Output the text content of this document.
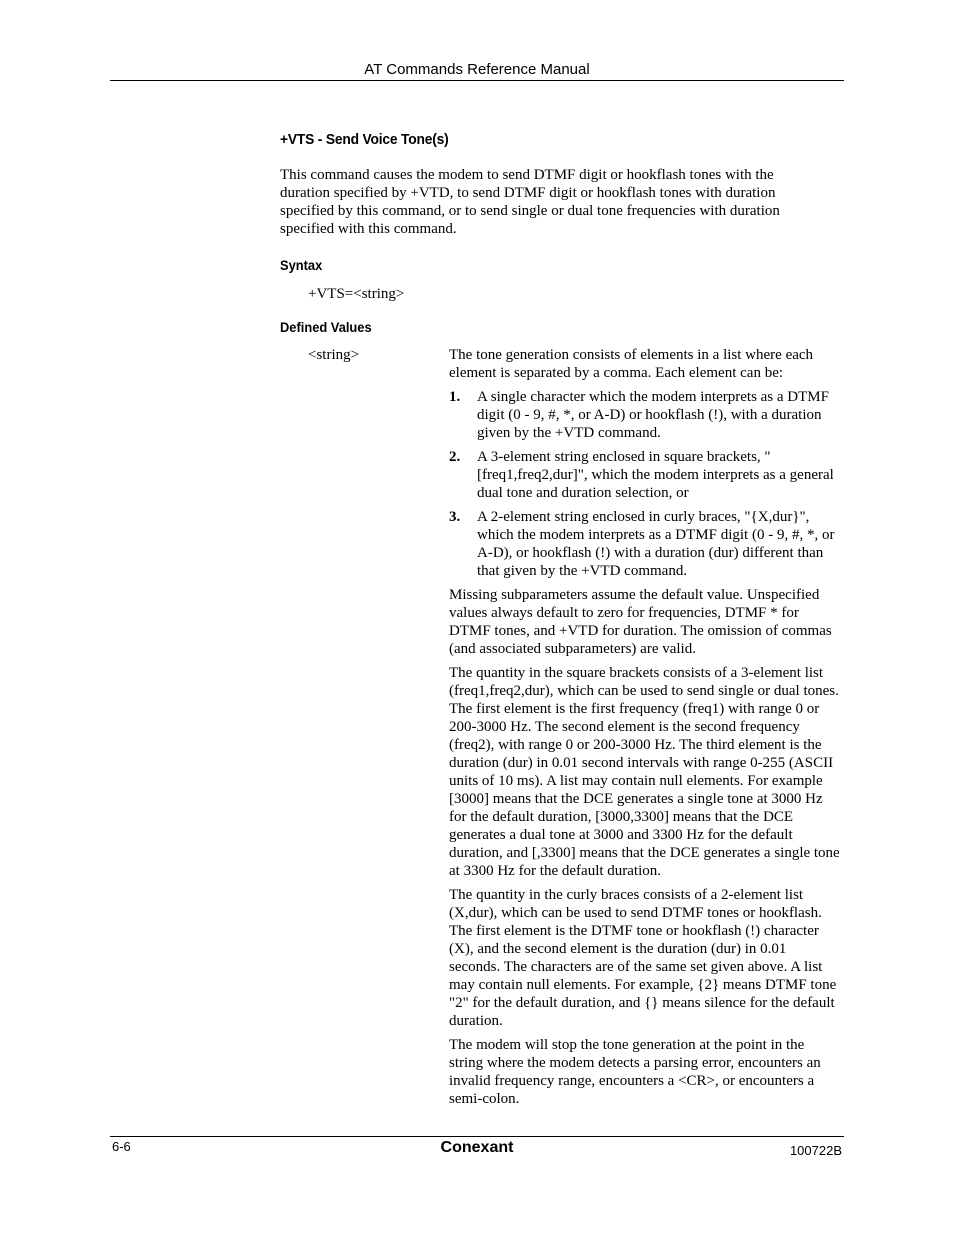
AT Commands Reference Manual
+VTS - Send Voice Tone(s)

This command causes the modem to send DTMF digit or hookflash tones with the duration specified by +VTD, to send DTMF digit or hookflash tones with duration specified by this command, or to send single or dual tone frequencies with duration specified with this command.

Syntax

+VTS=<string>

Defined Values

<string>	The tone generation consists of elements in a list where each element is separated by a comma. Each element can be:

1. A single character which the modem interprets as a DTMF digit (0 - 9, #, *, or A-D) or hookflash (!), with a duration given by the +VTD command.
2. A 3-element string enclosed in square brackets, "[freq1,freq2,dur]", which the modem interprets as a general dual tone and duration selection, or
3. A 2-element string enclosed in curly braces, "{X,dur}", which the modem interprets as a DTMF digit (0 - 9, #, *, or A-D), or hookflash (!) with a duration (dur) different than that given by the +VTD command.

Missing subparameters assume the default value. Unspecified values always default to zero for frequencies, DTMF * for DTMF tones, and +VTD for duration. The omission of commas (and associated subparameters) are valid.

The quantity in the square brackets consists of a 3-element list (freq1,freq2,dur), which can be used to send single or dual tones. The first element is the first frequency (freq1) with range 0 or 200-3000 Hz. The second element is the second frequency (freq2), with range 0 or 200-3000 Hz. The third element is the duration (dur) in 0.01 second intervals with range 0-255 (ASCII units of 10 ms). A list may contain null elements. For example [3000] means that the DCE generates a single tone at 3000 Hz for the default duration, [3000,3300] means that the DCE generates a dual tone at 3000 and 3300 Hz for the default duration, and [,3300] means that the DCE generates a single tone at 3300 Hz for the default duration.

The quantity in the curly braces consists of a 2-element list (X,dur), which can be used to send DTMF tones or hookflash. The first element is the DTMF tone or hookflash (!) character (X), and the second element is the duration (dur) in 0.01 seconds. The characters are of the same set given above. A list may contain null elements. For example, {2} means DTMF tone "2" for the default duration, and {} means silence for the default duration.

The modem will stop the tone generation at the point in the string where the modem detects a parsing error, encounters an invalid frequency range, encounters a <CR>, or encounters a semi-colon.

6-6	Conexant	100722B
